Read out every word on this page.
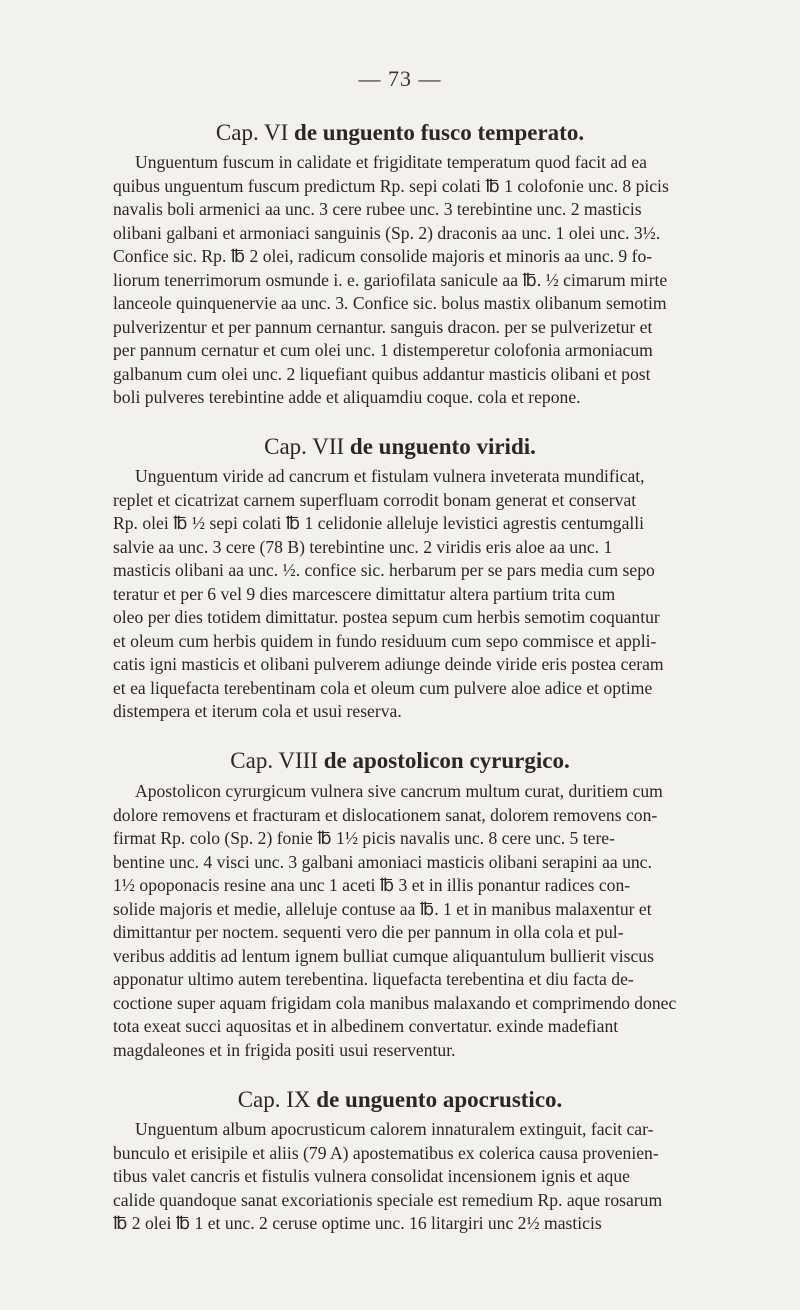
— 73 —
Cap. VI de unguento fusco temperato.
Unguentum fuscum in calidate et frigiditate temperatum quod facit ad ea
quibus unguentum fuscum predictum Rp. sepi colati ℔ 1 colofonie unc. 8 picis
navalis boli armenici aa unc. 3 cere rubee unc. 3 terebintine unc. 2 masticis
olibani galbani et armoniaci sanguinis (Sp. 2) draconis aa unc. 1 olei unc. 3½.
Confice sic. Rp. ℔ 2 olei, radicum consolide majoris et minoris aa unc. 9 fo-
liorum tenerrimorum osmunde i. e. gariofilata sanicule aa ℔. ½ cimarum mirte
lanceole quinquenervie aa unc. 3. Confice sic. bolus mastix olibanum semotim
pulverizentur et per pannum cernantur. sanguis dracon. per se pulverizetur et
per pannum cernatur et cum olei unc. 1 distemperetur colofonia armoniacum
galbanum cum olei unc. 2 liquefiant quibus addantur masticis olibani et post
boli pulveres terebintine adde et aliquamdiu coque. cola et repone.
Cap. VII de unguento viridi.
Unguentum viride ad cancrum et fistulam vulnera inveterata mundificat,
replet et cicatrizat carnem superfluam corrodit bonam generat et conservat
Rp. olei ℔ ½ sepi colati ℔ 1 celidonie alleluje levistici agrestis centumgalli
salvie aa unc. 3 cere (78 B) terebintine unc. 2 viridis eris aloe aa unc. 1
masticis olibani aa unc. ½. confice sic. herbarum per se pars media cum sepo
teratur et per 6 vel 9 dies marcescere dimittatur altera partium trita cum
oleo per dies totidem dimittatur. postea sepum cum herbis semotim coquantur
et oleum cum herbis quidem in fundo residuum cum sepo commisce et appli-
catis igni masticis et olibani pulverem adiunge deinde viride eris postea ceram
et ea liquefacta terebentinam cola et oleum cum pulvere aloe adice et optime
distempera et iterum cola et usui reserva.
Cap. VIII de apostolicon cyrurgico.
Apostolicon cyrurgicum vulnera sive cancrum multum curat, duritiem cum
dolore removens et fracturam et dislocationem sanat, dolorem removens con-
firmat Rp. colo (Sp. 2) fonie ℔ 1½ picis navalis unc. 8 cere unc. 5 tere-
bentine unc. 4 visci unc. 3 galbani amoniaci masticis olibani serapini aa unc.
1½ opoponacis resine ana unc 1 aceti ℔ 3 et in illis ponantur radices con-
solide majoris et medie, alleluje contuse aa ℔. 1 et in manibus malaxentur et
dimittantur per noctem. sequenti vero die per pannum in olla cola et pul-
veribus additis ad lentum ignem bulliat cumque aliquantulum bullierit viscus
apponatur ultimo autem terebentina. liquefacta terebentina et diu facta de-
coctione super aquam frigidam cola manibus malaxando et comprimendo donec
tota exeat succi aquositas et in albedinem convertatur. exinde madefiant
magdaleones et in frigida positi usui reserventur.
Cap. IX de unguento apocrustico.
Unguentum album apocrusticum calorem innaturalem extinguit, facit car-
bunculo et erisipile et aliis (79 A) apostematibus ex colerica causa provenien-
tibus valet cancris et fistulis vulnera consolidat incensionem ignis et aque
calide quandoque sanat excoriationis speciale est remedium Rp. aque rosarum
℔ 2 olei ℔ 1 et unc. 2 ceruse optime unc. 16 litargiri unc 2½ masticis
